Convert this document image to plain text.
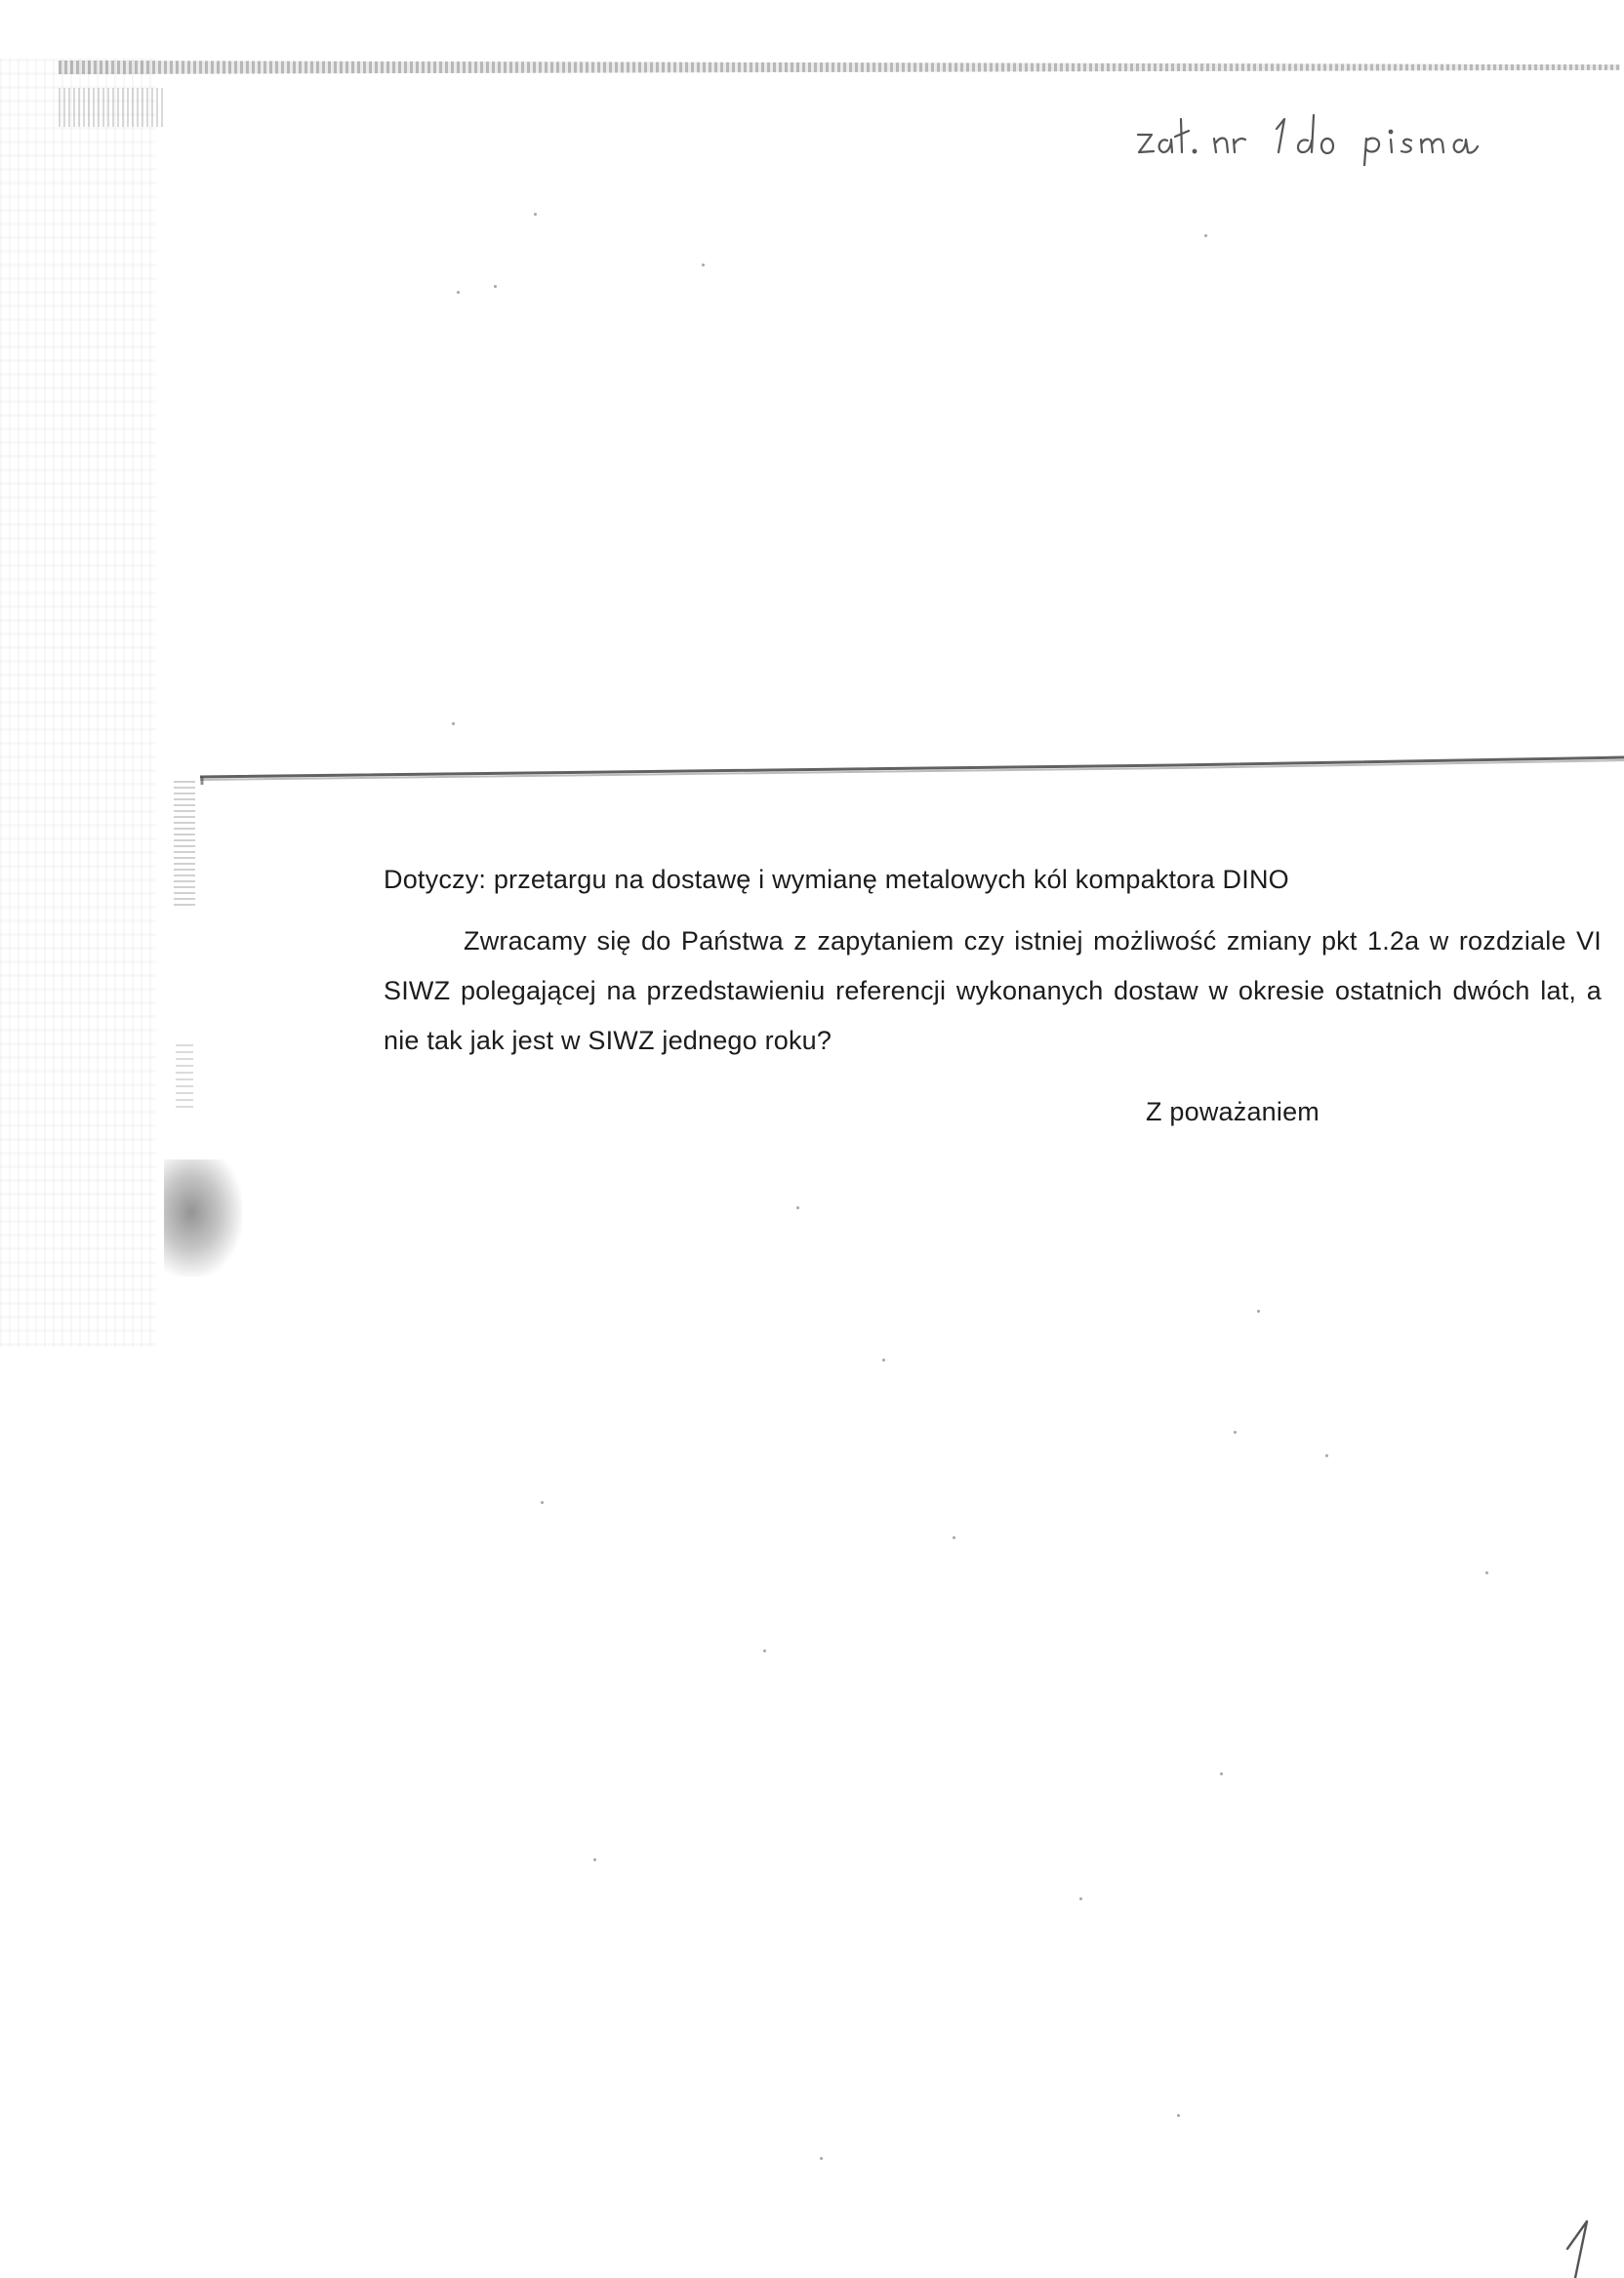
Dotyczy: przetargu na dostawę i wymianę metalowych kól kompaktora DINO

Zwracamy się do Państwa z zapytaniem czy istniej możliwość zmiany pkt 1.2a w rozdziale VI SIWZ polegającej na przedstawieniu referencji wykonanych dostaw w okresie ostatnich dwóch lat, a nie tak jak jest w SIWZ jednego roku?

Z poważaniem
